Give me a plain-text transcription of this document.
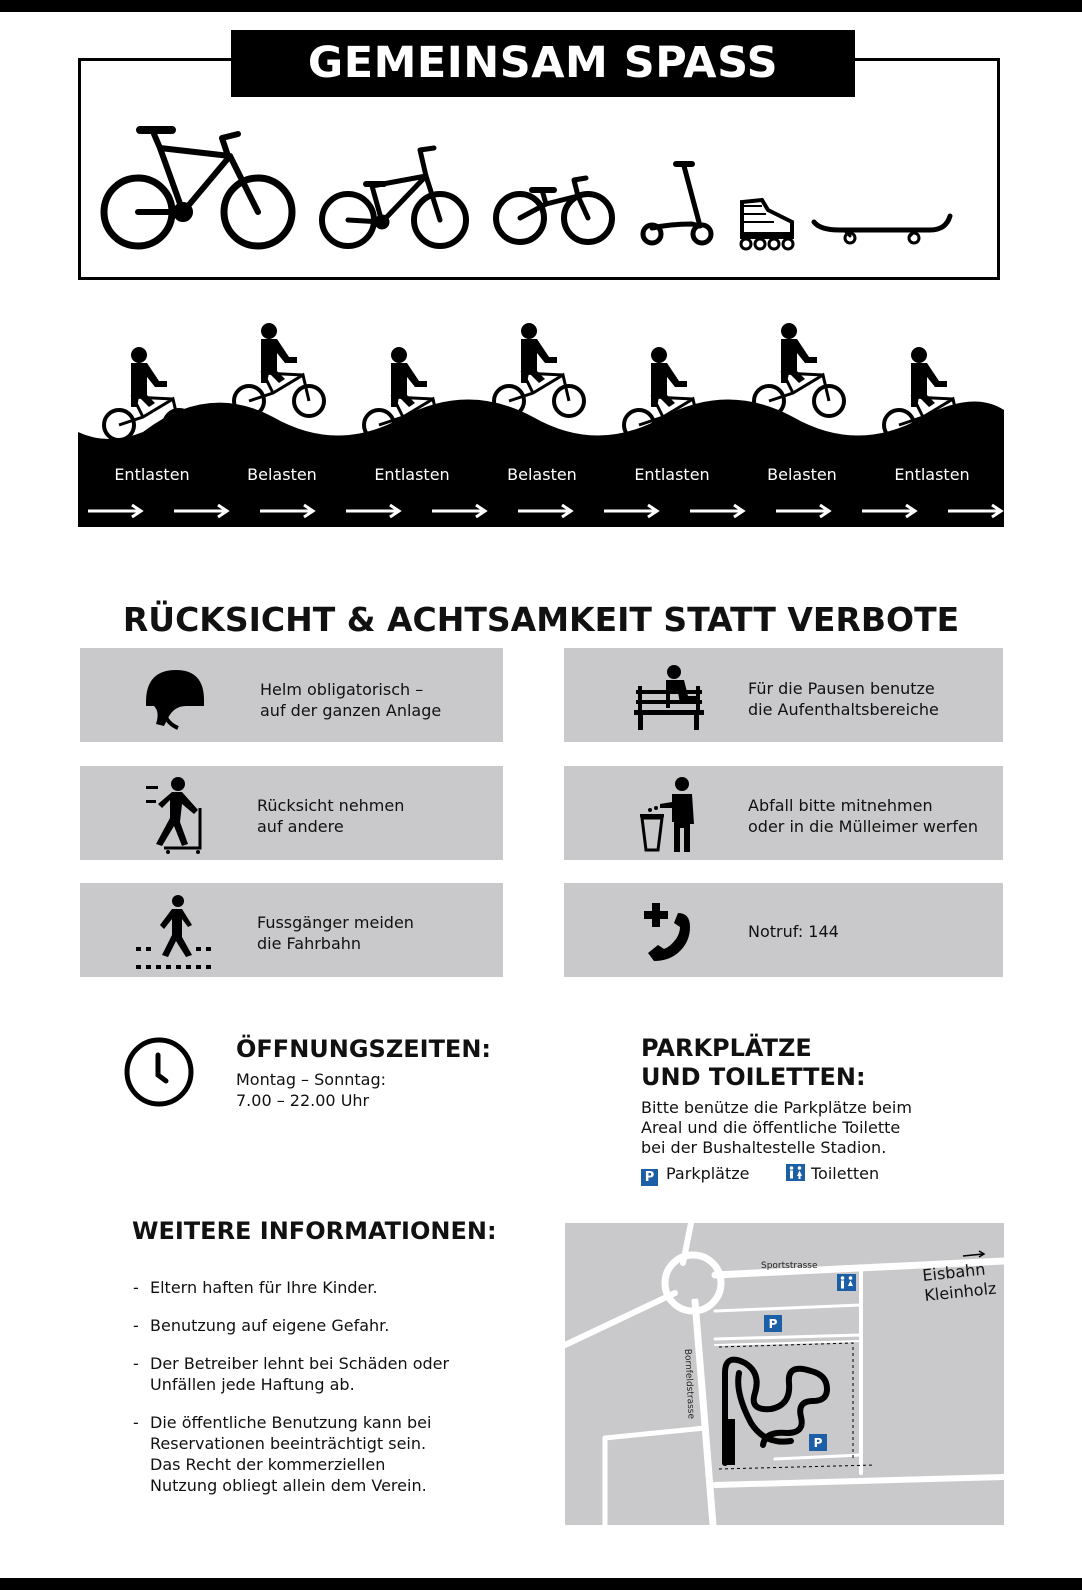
GEMEINSAM SPASS HABEN
Entlasten	Belasten	Entlasten	Belasten	Entlasten	Belasten	Entlasten
RÜCKSICHT & ACHTSAMKEIT STATT VERBOTE
Helm obligatorisch –
auf der ganzen Anlage
Für die Pausen benutze
die Aufenthaltsbereiche
Rücksicht nehmen
auf andere
Abfall bitte mitnehmen
oder in die Mülleimer werfen
Fussgänger meiden
die Fahrbahn
Notruf: 144
ÖFFNUNGSZEITEN:
Montag – Sonntag:
7.00 – 22.00 Uhr
PARKPLÄTZE
UND TOILETTEN:
Bitte benütze die Parkplätze beim
Areal und die öffentliche Toilette
bei der Bushaltestelle Stadion.
P Parkplätze	Toiletten
WEITERE INFORMATIONEN:
- Eltern haften für Ihre Kinder.
- Benutzung auf eigene Gefahr.
- Der Betreiber lehnt bei Schäden oder
Unfällen jede Haftung ab.
- Die öffentliche Benutzung kann bei
Reservationen beeinträchtigt sein.
Das Recht der kommerziellen
Nutzung obliegt allein dem Verein.
P
P
Sportstrasse
Bornfeldstrasse
Eisbahn
Kleinholz
